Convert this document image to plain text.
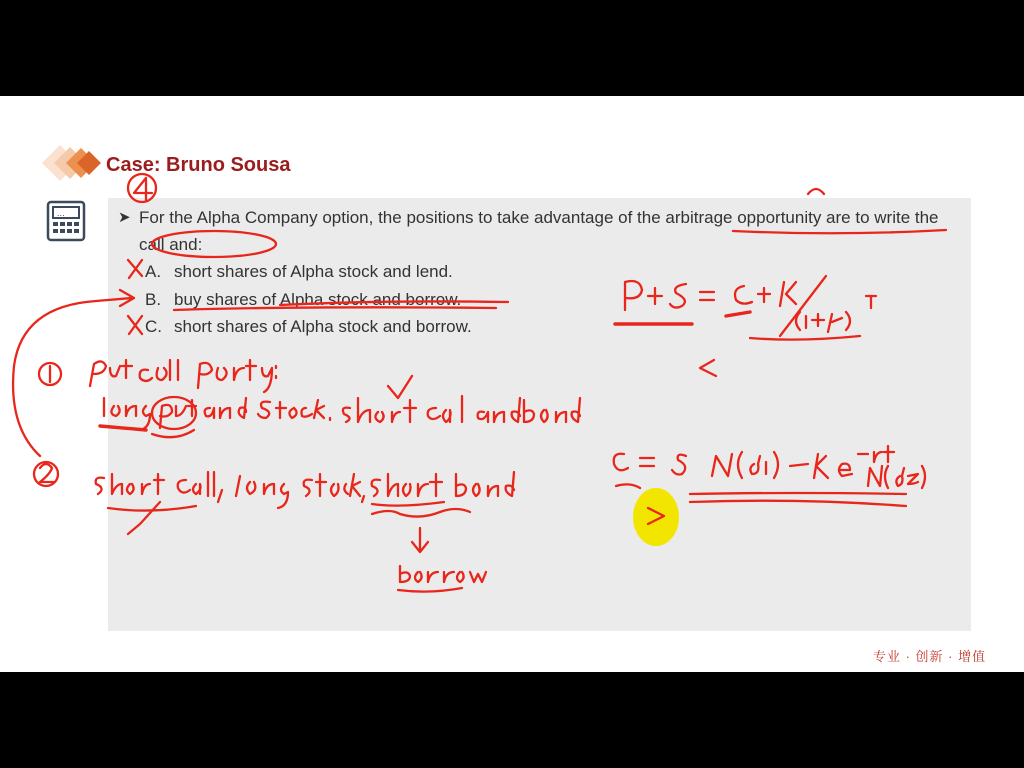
Case: Bruno Sousa
...	➤ For the Alpha Company option, the positions to take advantage of the arbitrage opportunity are to write the call and:
A. short shares of Alpha stock and lend.
B. buy shares of Alpha stock and borrow.
C. short shares of Alpha stock and borrow.
专业 · 创新 · 增值
